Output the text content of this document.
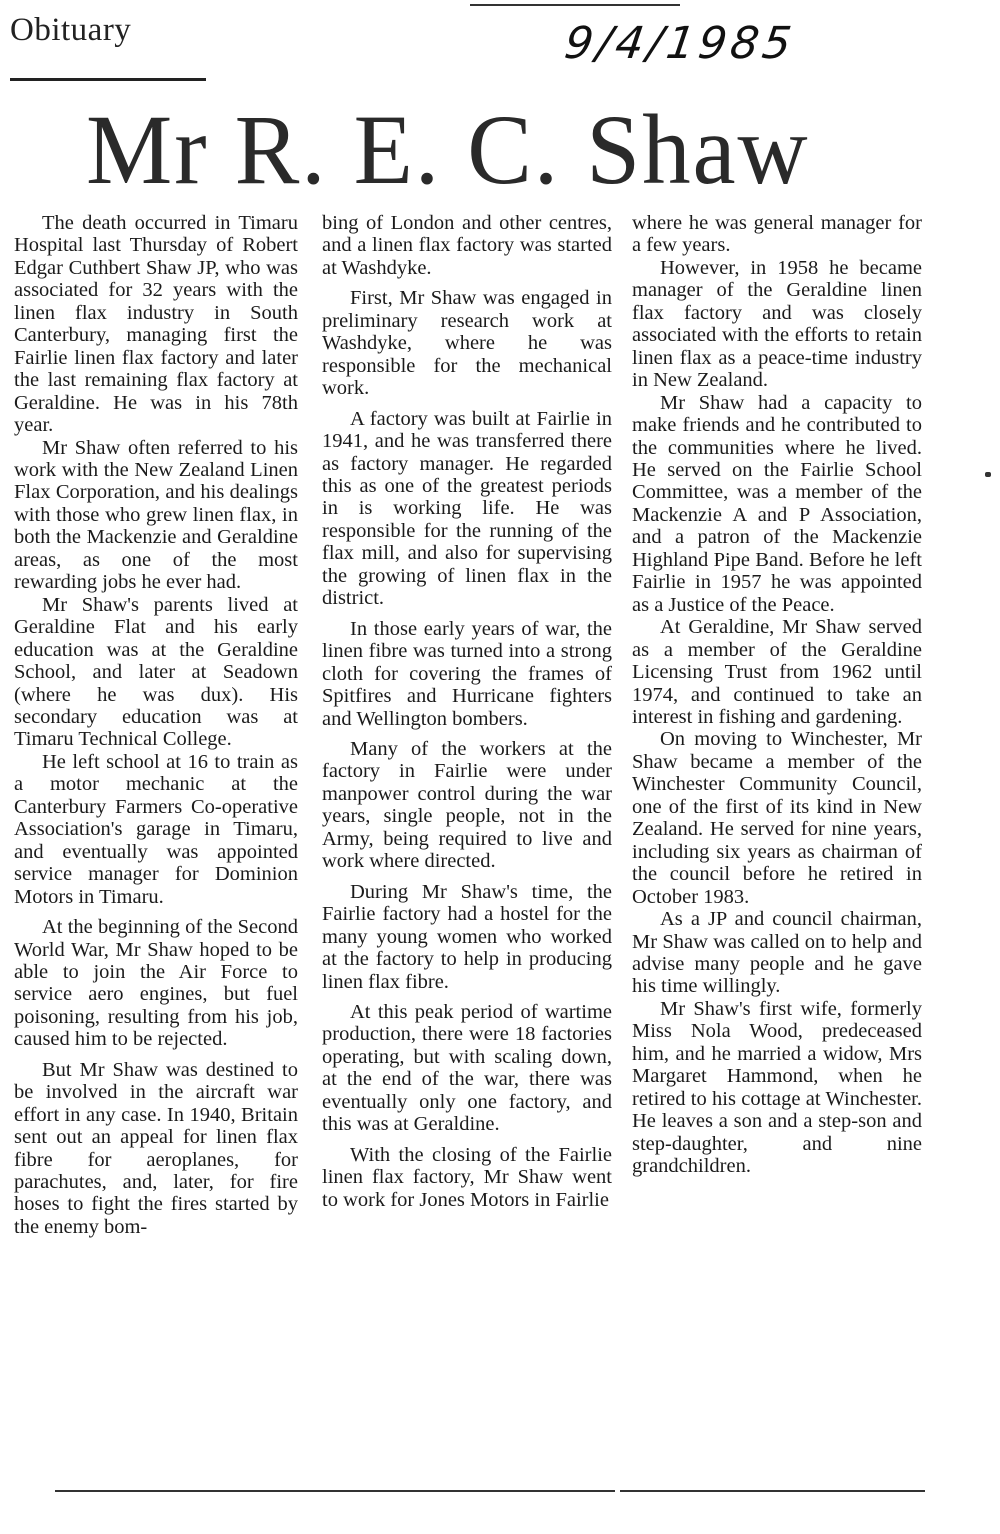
Obituary	9/4/1985
Mr R. E. C. Shaw

The death occurred in Timaru Hospital last Thursday of Robert Edgar Cuthbert Shaw JP, who was associated for 32 years with the linen flax industry in South Canterbury, managing first the Fairlie linen flax factory and later the last remaining flax factory at Geraldine. He was in his 78th year.

Mr Shaw often referred to his work with the New Zealand Linen Flax Corporation, and his dealings with those who grew linen flax, in both the Mackenzie and Geraldine areas, as one of the most rewarding jobs he ever had.

Mr Shaw's parents lived at Geraldine Flat and his early education was at the Geraldine School, and later at Seadown (where he was dux). His secondary education was at Timaru Technical College.

He left school at 16 to train as a motor mechanic at the Canterbury Farmers Co-operative Association's garage in Timaru, and eventually was appointed service manager for Dominion Motors in Timaru.

At the beginning of the Second World War, Mr Shaw hoped to be able to join the Air Force to service aero engines, but fuel poisoning, resulting from his job, caused him to be rejected.

But Mr Shaw was destined to be involved in the aircraft war effort in any case. In 1940, Britain sent out an appeal for linen flax fibre for aeroplanes, for parachutes, and, later, for fire hoses to fight the fires started by the enemy bom-

bing of London and other centres, and a linen flax factory was started at Washdyke.

First, Mr Shaw was engaged in preliminary research work at Washdyke, where he was responsible for the mechanical work.

A factory was built at Fairlie in 1941, and he was transferred there as factory manager. He regarded this as one of the greatest periods in is working life. He was responsible for the running of the flax mill, and also for supervising the growing of linen flax in the district.

In those early years of war, the linen fibre was turned into a strong cloth for covering the frames of Spitfires and Hurricane fighters and Wellington bombers.

Many of the workers at the factory in Fairlie were under manpower control during the war years, single people, not in the Army, being required to live and work where directed.

During Mr Shaw's time, the Fairlie factory had a hostel for the many young women who worked at the factory to help in producing linen flax fibre.

At this peak period of wartime production, there were 18 factories operating, but with scaling down, at the end of the war, there was eventually only one factory, and this was at Geraldine.

With the closing of the Fairlie linen flax factory, Mr Shaw went to work for Jones Motors in Fairlie

where he was general manager for a few years.

However, in 1958 he became manager of the Geraldine linen flax factory and was closely associated with the efforts to retain linen flax as a peace-time industry in New Zealand.

Mr Shaw had a capacity to make friends and he contributed to the communities where he lived. He served on the Fairlie School Committee, was a member of the Mackenzie A and P Association, and a patron of the Mackenzie Highland Pipe Band. Before he left Fairlie in 1957 he was appointed as a Justice of the Peace.

At Geraldine, Mr Shaw served as a member of the Geraldine Licensing Trust from 1962 until 1974, and continued to take an interest in fishing and gardening.

On moving to Winchester, Mr Shaw became a member of the Winchester Community Council, one of the first of its kind in New Zealand. He served for nine years, including six years as chairman of the council before he retired in October 1983.

As a JP and council chairman, Mr Shaw was called on to help and advise many people and he gave his time willingly.

Mr Shaw's first wife, formerly Miss Nola Wood, predeceased him, and he married a widow, Mrs Margaret Hammond, when he retired to his cottage at Winchester. He leaves a son and a step-son and step-daughter, and nine grandchildren.
